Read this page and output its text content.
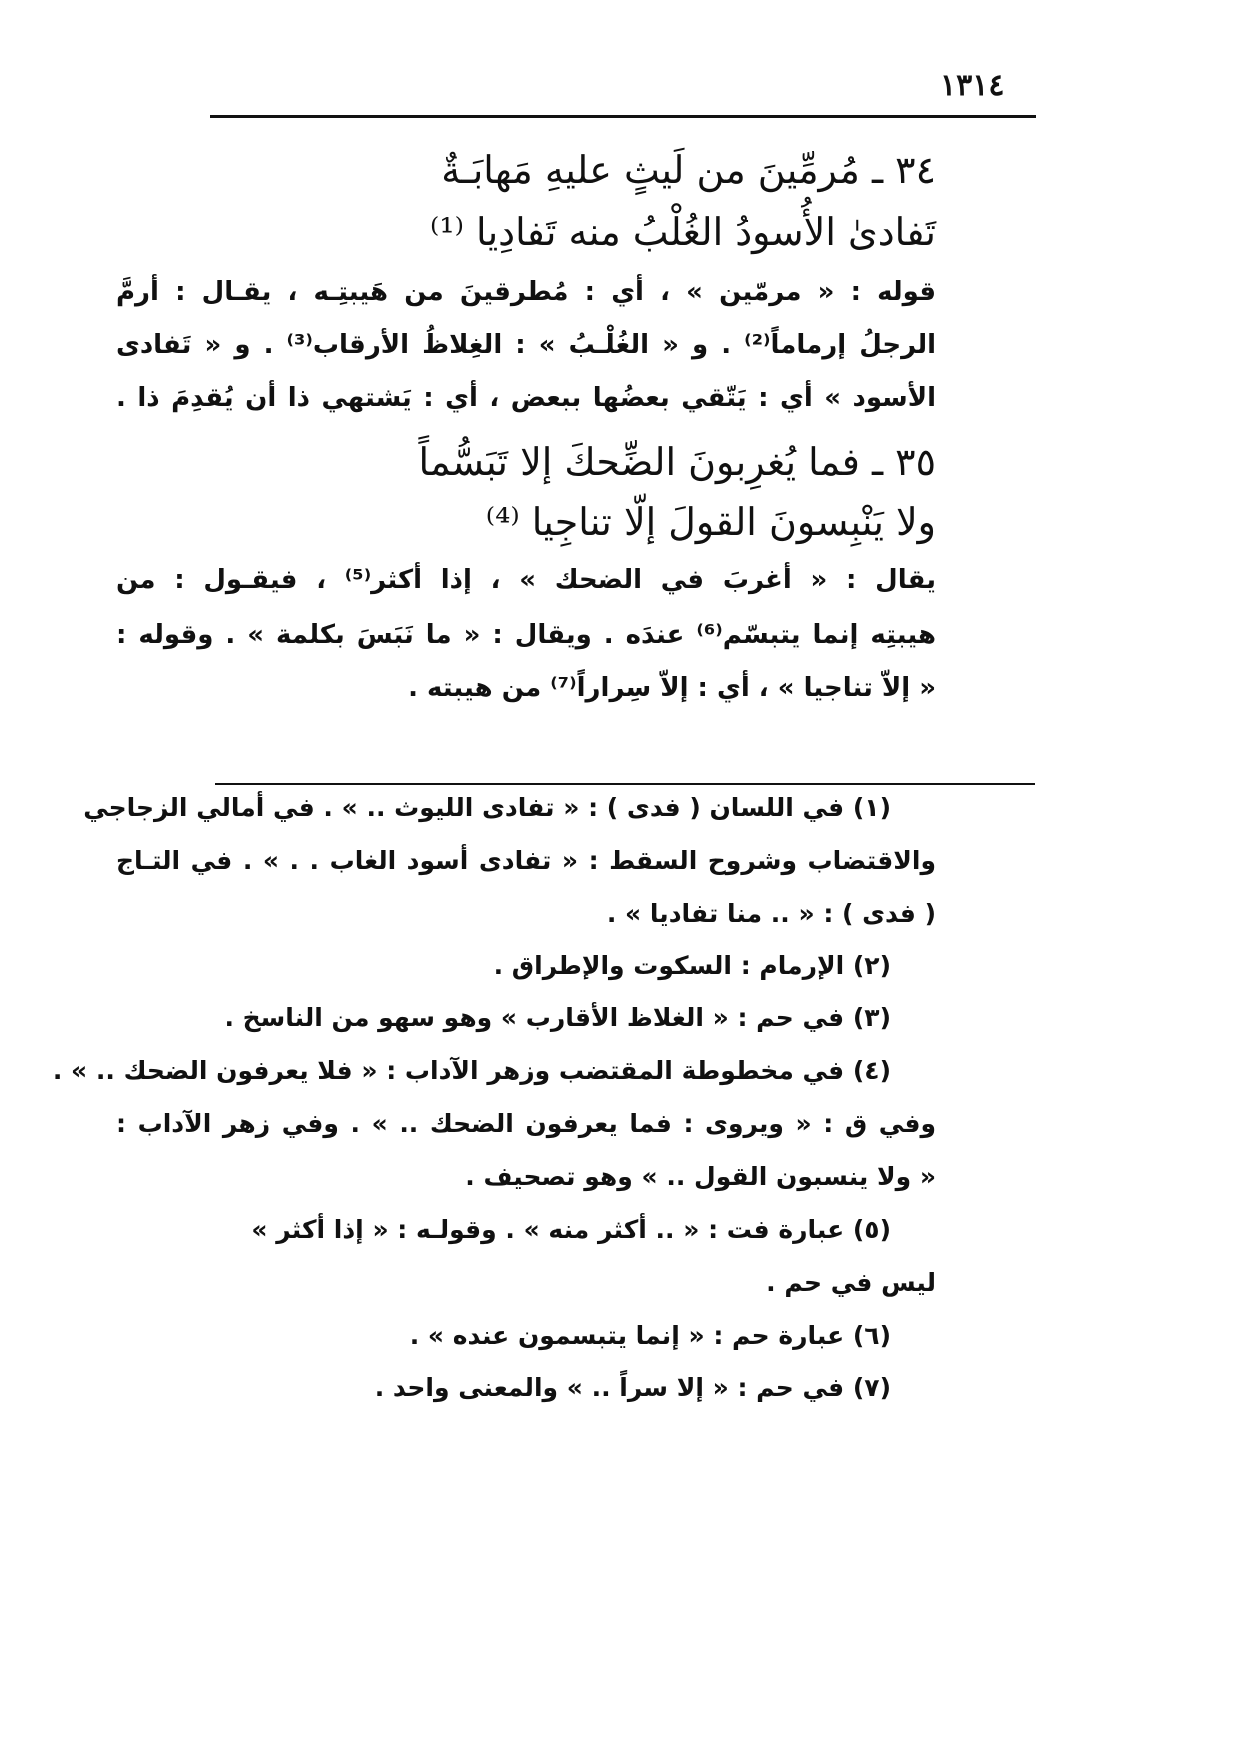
١٣١٤
٣٤ ـ مُرمِّينَ من لَيثٍ عليهِ مَهابَـةٌ
تَفادىٰ الأُسودُ الغُلْبُ منه تَفادِيا ⁽¹⁾
قوله : « مرمّين » ، أي : مُطرقينَ من هَيبتِـه ، يقـال : أرمَّ
الرجلُ إرماماً⁽²⁾ . و « الغُلْـبُ » : الغِلاظُ الأرقاب⁽³⁾ . و « تَفادى
الأسود » أي : يَتّقي بعضُها ببعض ، أي : يَشتهي ذا أن يُقدِمَ ذا .
٣٥ ـ فما يُغرِبونَ الضِّحكَ إلا تَبَسُّماً
ولا يَنْبِسونَ القولَ إلّا تناجِيا ⁽⁴⁾
يقال : « أغربَ في الضحك » ، إذا أكثر⁽⁵⁾ ، فيقـول : من
هيبتِه إنما يتبسّم⁽⁶⁾ عندَه . ويقال : « ما نَبَسَ بكلمة » . وقوله :
« إلاّ تناجيا » ، أي : إلاّ سِراراً⁽⁷⁾ من هيبته .
(١) في اللسان ( فدى ) : « تفادى الليوث .. » . في أمالي الزجاجي
والاقتضاب وشروح السقط : « تفادى أسود الغاب . . » . في التـاج
( فدى ) : « .. منا تفاديا » .
(٢) الإرمام : السكوت والإطراق .
(٣) في حم : « الغلاظ الأقارب » وهو سهو من الناسخ .
(٤) في مخطوطة المقتضب وزهر الآداب : « فلا يعرفون الضحك .. » .
وفي ق : « ويروى : فما يعرفون الضحك .. » . وفي زهر الآداب :
« ولا ينسبون القول .. » وهو تصحيف .
(٥) عبارة فت : « .. أكثر منه » . وقولـه : « إذا أكثر »
ليس في حم .
(٦) عبارة حم : « إنما يتبسمون عنده » .
(٧) في حم : « إلا سراً .. » والمعنى واحد .
